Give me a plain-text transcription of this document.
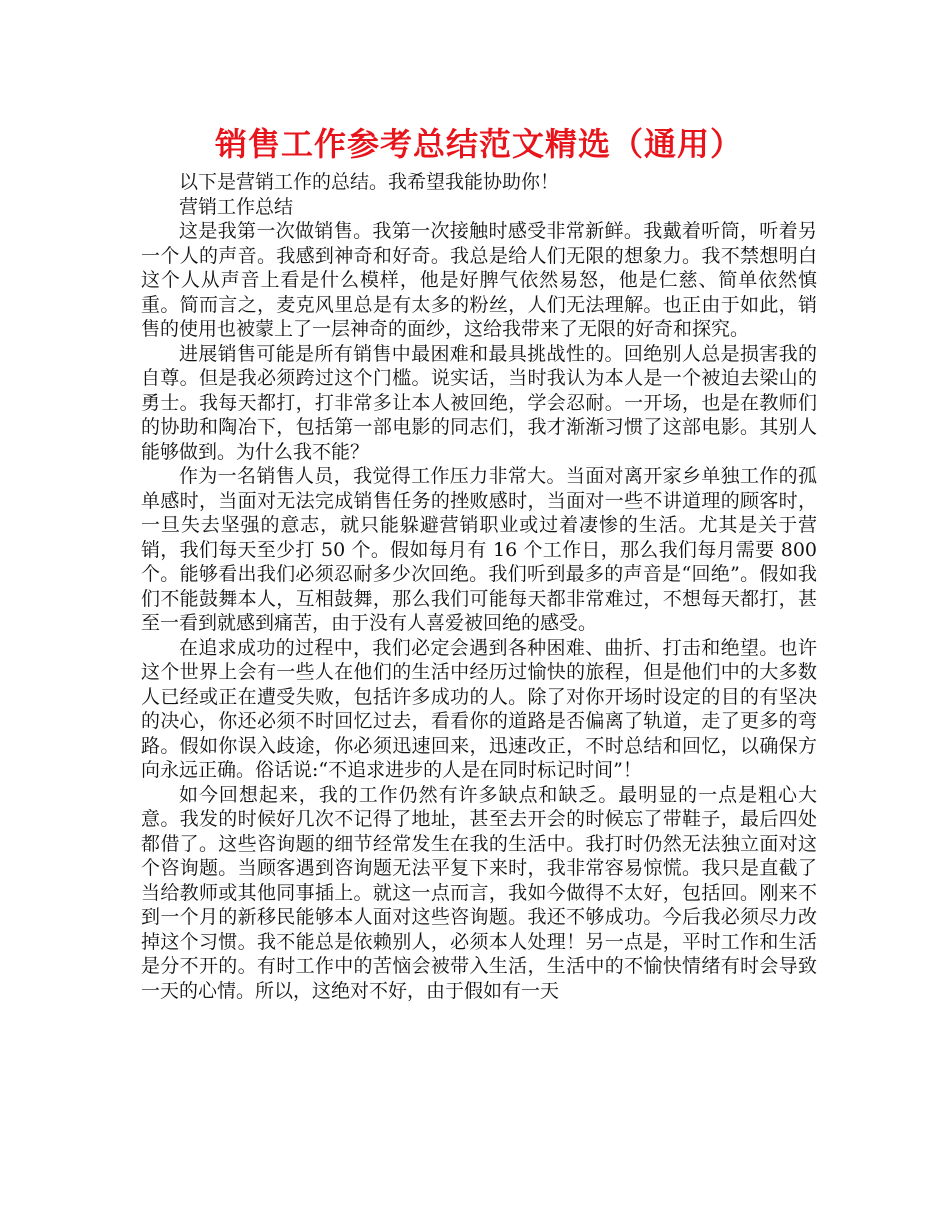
销售工作参考总结范文精选（通用）

以下是营销工作的总结。我希望我能协助你！

营销工作总结

这是我第一次做销售。我第一次接触时感受非常新鲜。我戴着听筒，听着另一个人的声音。我感到神奇和好奇。我总是给人们无限的想象力。我不禁想明白这个人从声音上看是什么模样，他是好脾气依然易怒，他是仁慈、简单依然慎重。简而言之，麦克风里总是有太多的粉丝，人们无法理解。也正由于如此，销售的使用也被蒙上了一层神奇的面纱，这给我带来了无限的好奇和探究。

进展销售可能是所有销售中最困难和最具挑战性的。回绝别人总是损害我的自尊。但是我必须跨过这个门槛。说实话，当时我认为本人是一个被迫去梁山的勇士。我每天都打，打非常多让本人被回绝，学会忍耐。一开场，也是在教师们的协助和陶冶下，包括第一部电影的同志们，我才渐渐习惯了这部电影。其别人能够做到。为什么我不能？

作为一名销售人员，我觉得工作压力非常大。当面对离开家乡单独工作的孤单感时，当面对无法完成销售任务的挫败感时，当面对一些不讲道理的顾客时，一旦失去坚强的意志，就只能躲避营销职业或过着凄惨的生活。尤其是关于营销，我们每天至少打 50 个。假如每月有 16 个工作日，那么我们每月需要 800 个。能够看出我们必须忍耐多少次回绝。我们听到最多的声音是“回绝”。假如我们不能鼓舞本人，互相鼓舞，那么我们可能每天都非常难过，不想每天都打，甚至一看到就感到痛苦，由于没有人喜爱被回绝的感受。

在追求成功的过程中，我们必定会遇到各种困难、曲折、打击和绝望。也许这个世界上会有一些人在他们的生活中经历过愉快的旅程，但是他们中的大多数人已经或正在遭受失败，包括许多成功的人。除了对你开场时设定的目的有坚决的决心，你还必须不时回忆过去，看看你的道路是否偏离了轨道，走了更多的弯路。假如你误入歧途，你必须迅速回来，迅速改正，不时总结和回忆，以确保方向永远正确。俗话说:“不追求进步的人是在同时标记时间”！

如今回想起来，我的工作仍然有许多缺点和缺乏。最明显的一点是粗心大意。我发的时候好几次不记得了地址，甚至去开会的时候忘了带鞋子，最后四处都借了。这些咨询题的细节经常发生在我的生活中。我打时仍然无法独立面对这个咨询题。当顾客遇到咨询题无法平复下来时，我非常容易惊慌。我只是直截了当给教师或其他同事插上。就这一点而言，我如今做得不太好，包括回。刚来不到一个月的新移民能够本人面对这些咨询题。我还不够成功。今后我必须尽力改掉这个习惯。我不能总是依赖别人，必须本人处理！另一点是，平时工作和生活是分不开的。有时工作中的苦恼会被带入生活，生活中的不愉快情绪有时会导致一天的心情。所以，这绝对不好，由于假如有一天
